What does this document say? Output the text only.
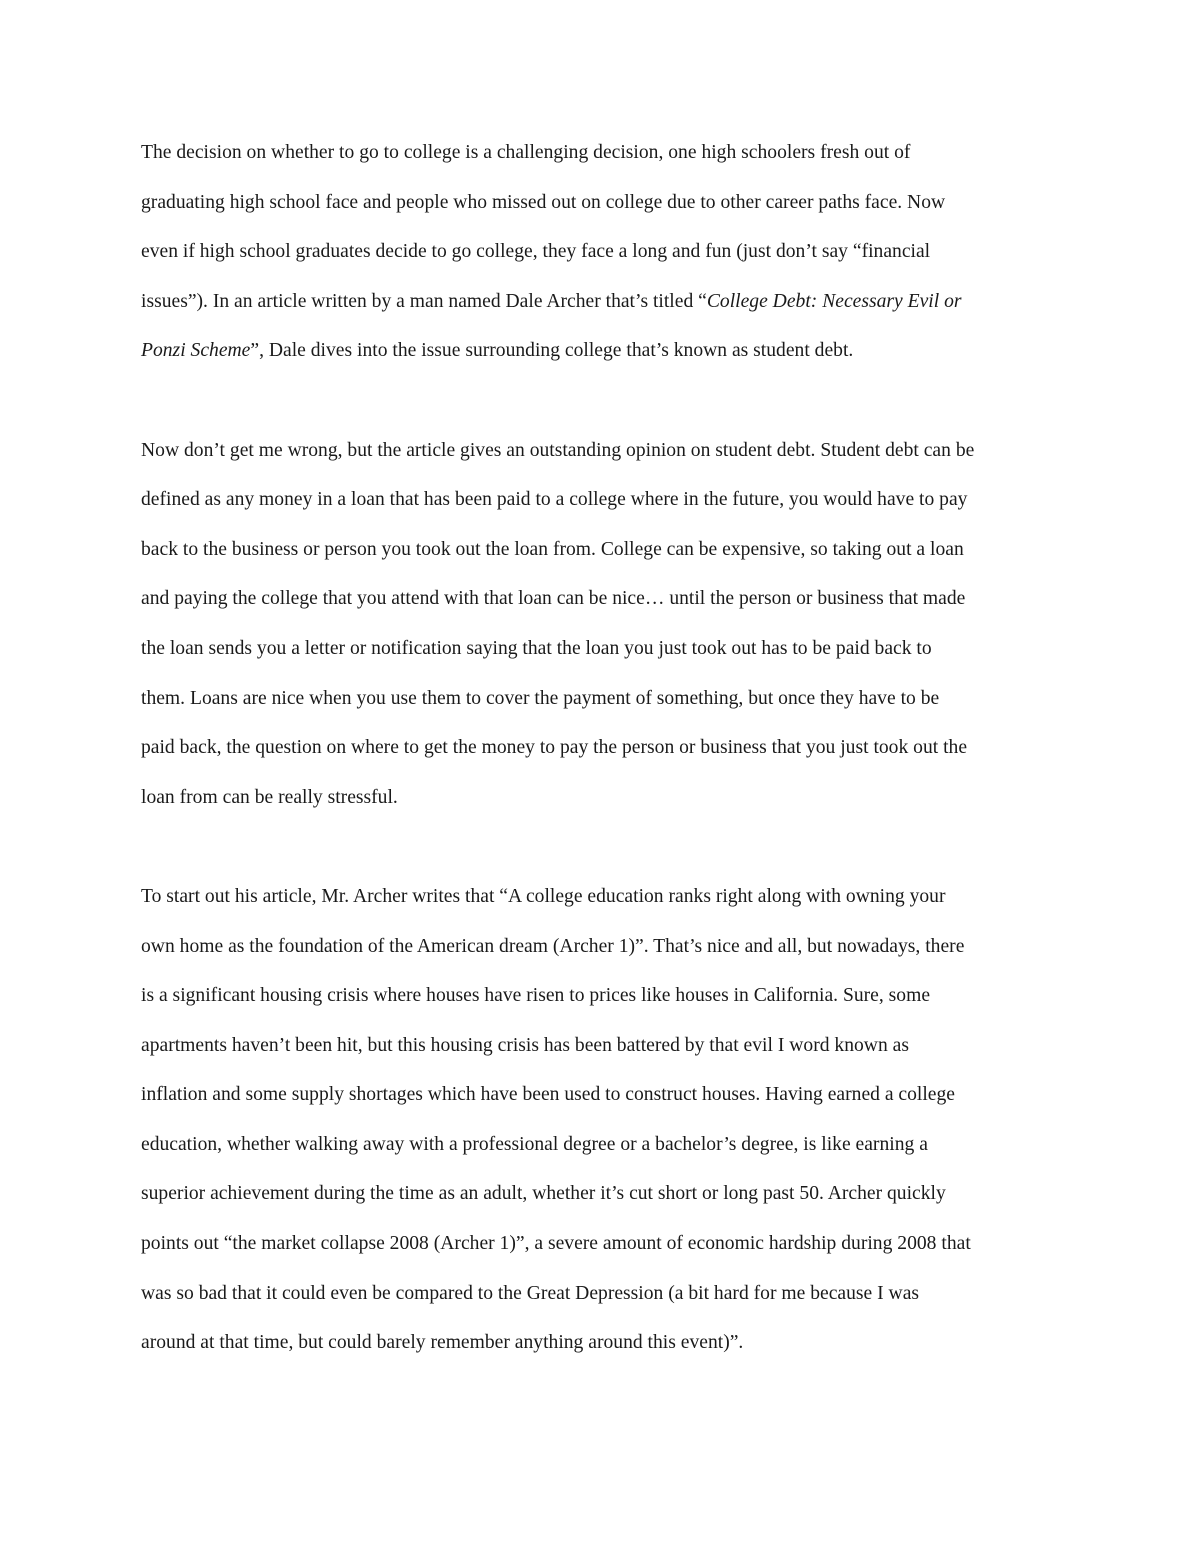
The decision on whether to go to college is a challenging decision, one high schoolers fresh out of
graduating high school face and people who missed out on college due to other career paths face. Now
even if high school graduates decide to go college, they face a long and fun (just don’t say “financial
issues”). In an article written by a man named Dale Archer that’s titled “College Debt: Necessary Evil or
Ponzi Scheme”, Dale dives into the issue surrounding college that’s known as student debt.

Now don’t get me wrong, but the article gives an outstanding opinion on student debt. Student debt can be
defined as any money in a loan that has been paid to a college where in the future, you would have to pay
back to the business or person you took out the loan from. College can be expensive, so taking out a loan
and paying the college that you attend with that loan can be nice… until the person or business that made
the loan sends you a letter or notification saying that the loan you just took out has to be paid back to
them. Loans are nice when you use them to cover the payment of something, but once they have to be
paid back, the question on where to get the money to pay the person or business that you just took out the
loan from can be really stressful.

To start out his article, Mr. Archer writes that “A college education ranks right along with owning your
own home as the foundation of the American dream (Archer 1)”. That’s nice and all, but nowadays, there
is a significant housing crisis where houses have risen to prices like houses in California. Sure, some
apartments haven’t been hit, but this housing crisis has been battered by that evil I word known as
inflation and some supply shortages which have been used to construct houses. Having earned a college
education, whether walking away with a professional degree or a bachelor’s degree, is like earning a
superior achievement during the time as an adult, whether it’s cut short or long past 50. Archer quickly
points out “the market collapse 2008 (Archer 1)”, a severe amount of economic hardship during 2008 that
was so bad that it could even be compared to the Great Depression (a bit hard for me because I was
around at that time, but could barely remember anything around this event)”.
